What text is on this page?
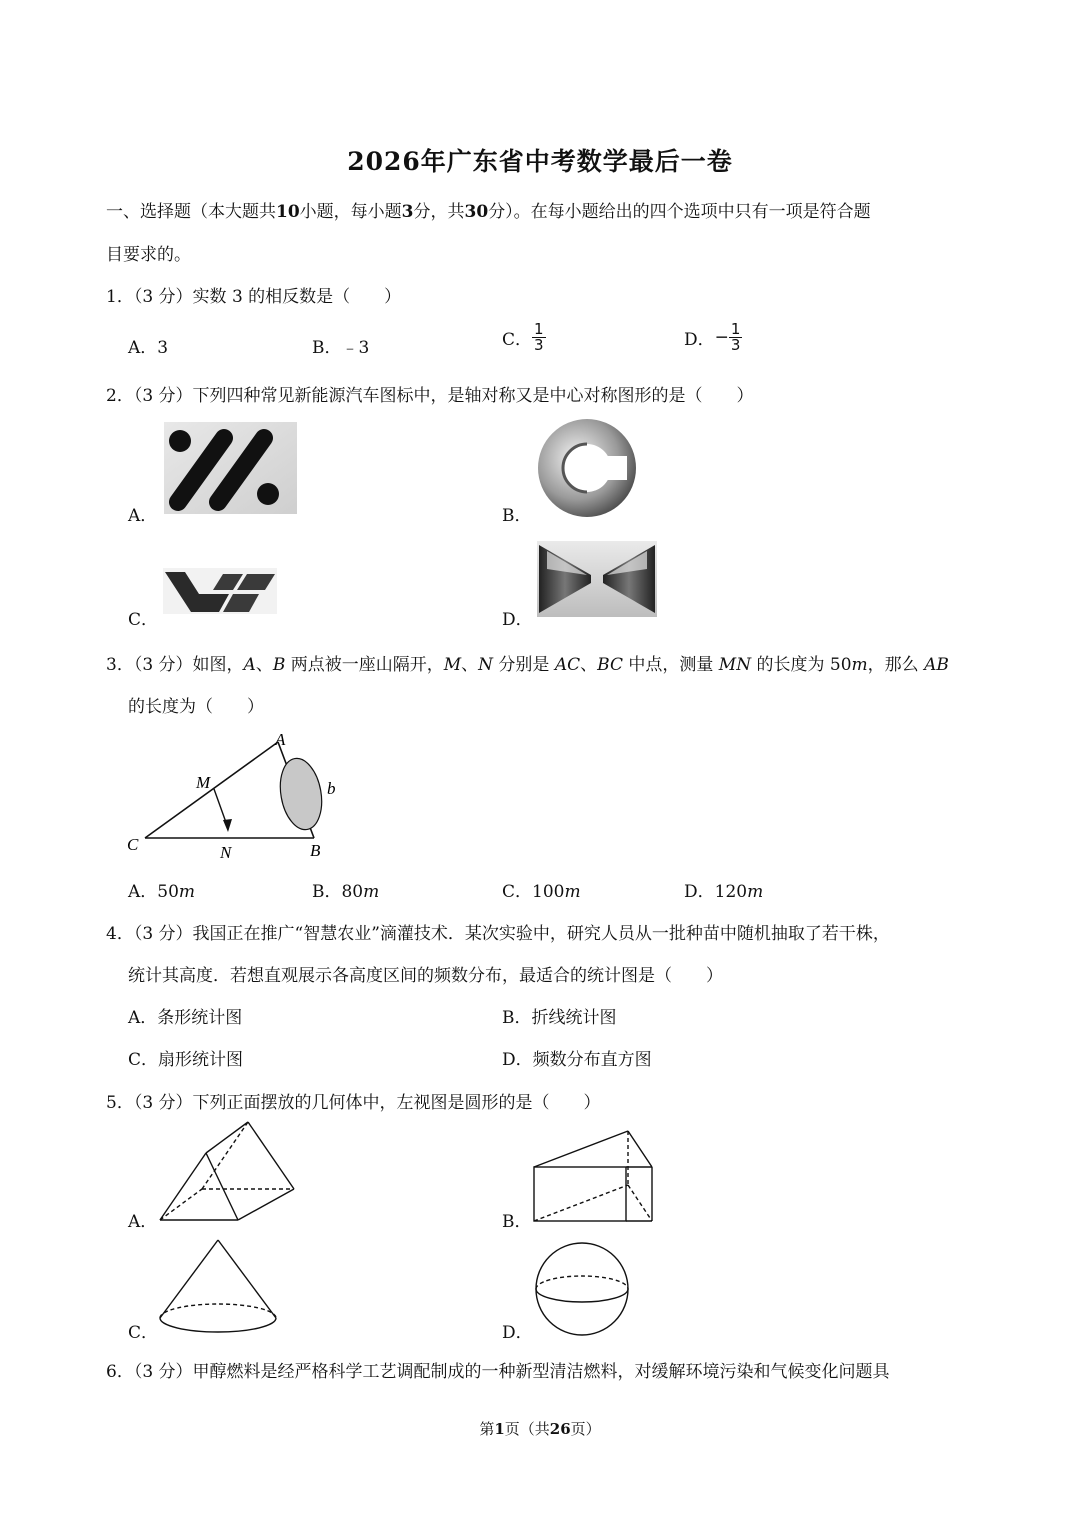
2026年广东省中考数学最后一卷
一、选择题（本大题共10小题，每小题3分，共30分）。在每小题给出的四个选项中只有一项是符合题
目要求的。
1．（3 分）实数 3 的相反数是（　　）
A．3	B．﹣3	C． $\frac{1}{3}$	D．− $\frac{1}{3}$
2．（3 分）下列四种常见新能源汽车图标中，是轴对称又是中心对称图形的是（　　）
A．	B．
C．	D．
3．（3 分）如图，A、B 两点被一座山隔开，M、N 分别是 AC、BC 中点，测量 MN 的长度为 50m，那么 AB
的长度为（　　）
A
M	b
C	N	B
A．50m	B．80m	C．100m	D．120m
4．（3 分）我国正在推广“智慧农业”滴灌技术．某次实验中，研究人员从一批种苗中随机抽取了若干株，
统计其高度．若想直观展示各高度区间的频数分布，最适合的统计图是（　　）
A．条形统计图	B．折线统计图
C．扇形统计图	D．频数分布直方图
5．（3 分）下列正面摆放的几何体中，左视图是圆形的是（　　）
A．	B．
C．	D．
6．（3 分）甲醇燃料是经严格科学工艺调配制成的一种新型清洁燃料，对缓解环境污染和气候变化问题具
第1页（共26页）
